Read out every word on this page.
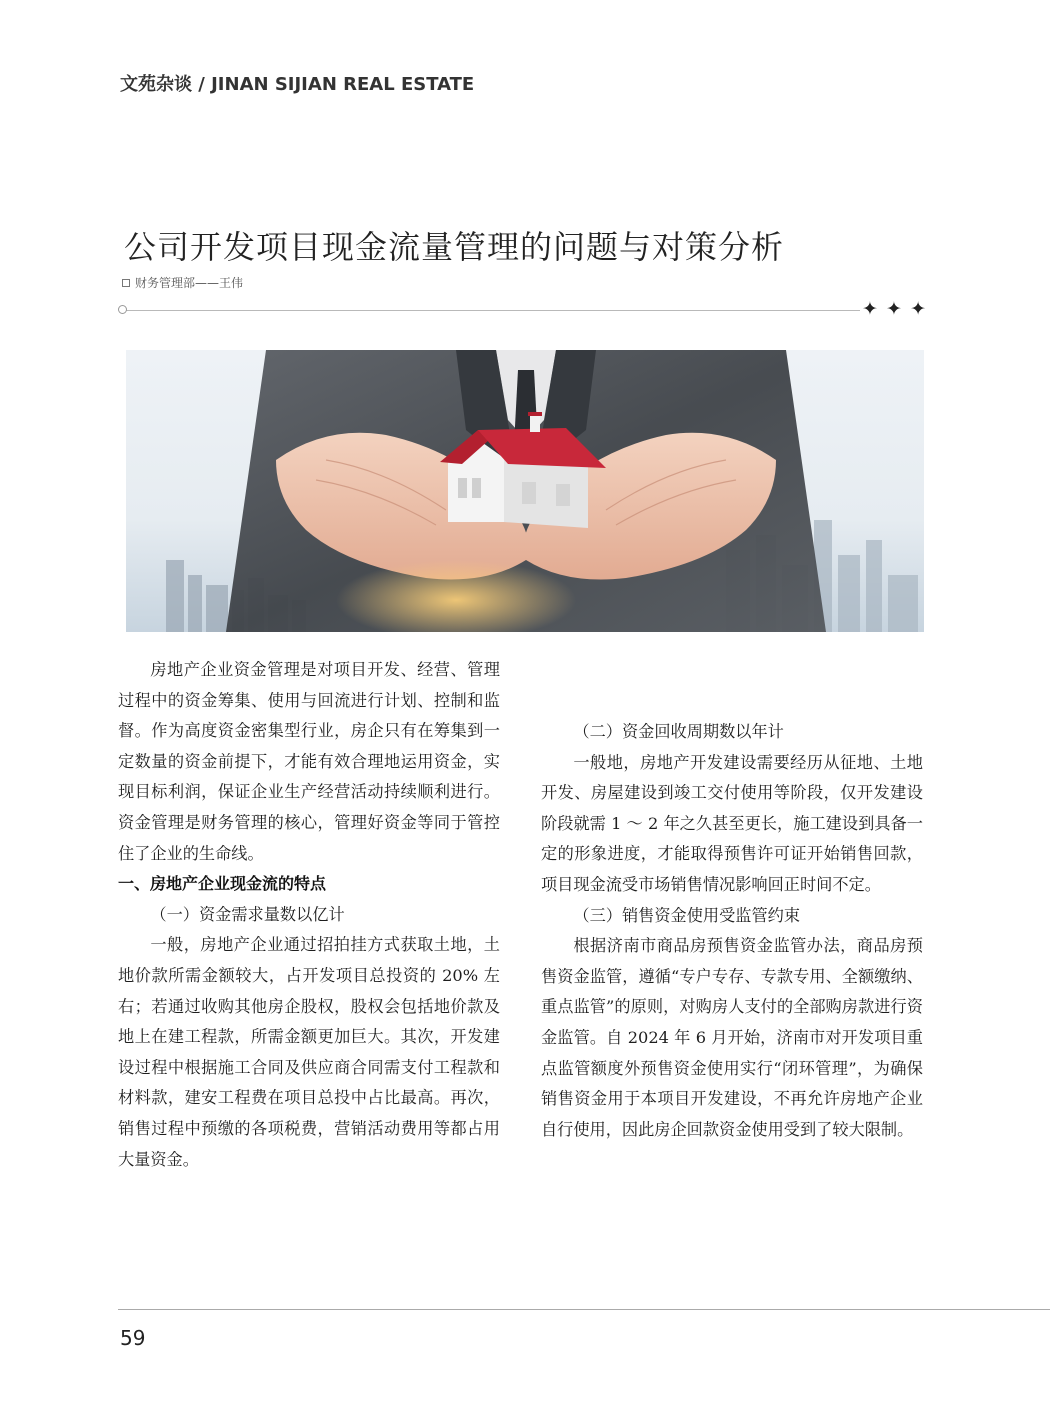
文苑杂谈 / JINAN SIJIAN REAL ESTATE
公司开发项目现金流量管理的问题与对策分析
财务管理部——王伟
✦ ✦ ✦

房地产企业资金管理是对项目开发、经营、管理过程中的资金筹集、使用与回流进行计划、控制和监督。作为高度资金密集型行业，房企只有在筹集到一定数量的资金前提下，才能有效合理地运用资金，实现目标利润，保证企业生产经营活动持续顺利进行。资金管理是财务管理的核心，管理好资金等同于管控住了企业的生命线。

一、房地产企业现金流的特点

（一）资金需求量数以亿计

一般，房地产企业通过招拍挂方式获取土地，土地价款所需金额较大，占开发项目总投资的 20% 左右；若通过收购其他房企股权，股权会包括地价款及地上在建工程款，所需金额更加巨大。其次，开发建设过程中根据施工合同及供应商合同需支付工程款和材料款，建安工程费在项目总投中占比最高。再次，销售过程中预缴的各项税费，营销活动费用等都占用大量资金。

（二）资金回收周期数以年计

一般地，房地产开发建设需要经历从征地、土地开发、房屋建设到竣工交付使用等阶段，仅开发建设阶段就需 1 ～ 2 年之久甚至更长，施工建设到具备一定的形象进度，才能取得预售许可证开始销售回款，项目现金流受市场销售情况影响回正时间不定。

（三）销售资金使用受监管约束

根据济南市商品房预售资金监管办法，商品房预售资金监管，遵循“专户专存、专款专用、全额缴纳、重点监管”的原则，对购房人支付的全部购房款进行资金监管。自 2024 年 6 月开始，济南市对开发项目重点监管额度外预售资金使用实行“闭环管理”，为确保销售资金用于本项目开发建设，不再允许房地产企业自行使用，因此房企回款资金使用受到了较大限制。

59
